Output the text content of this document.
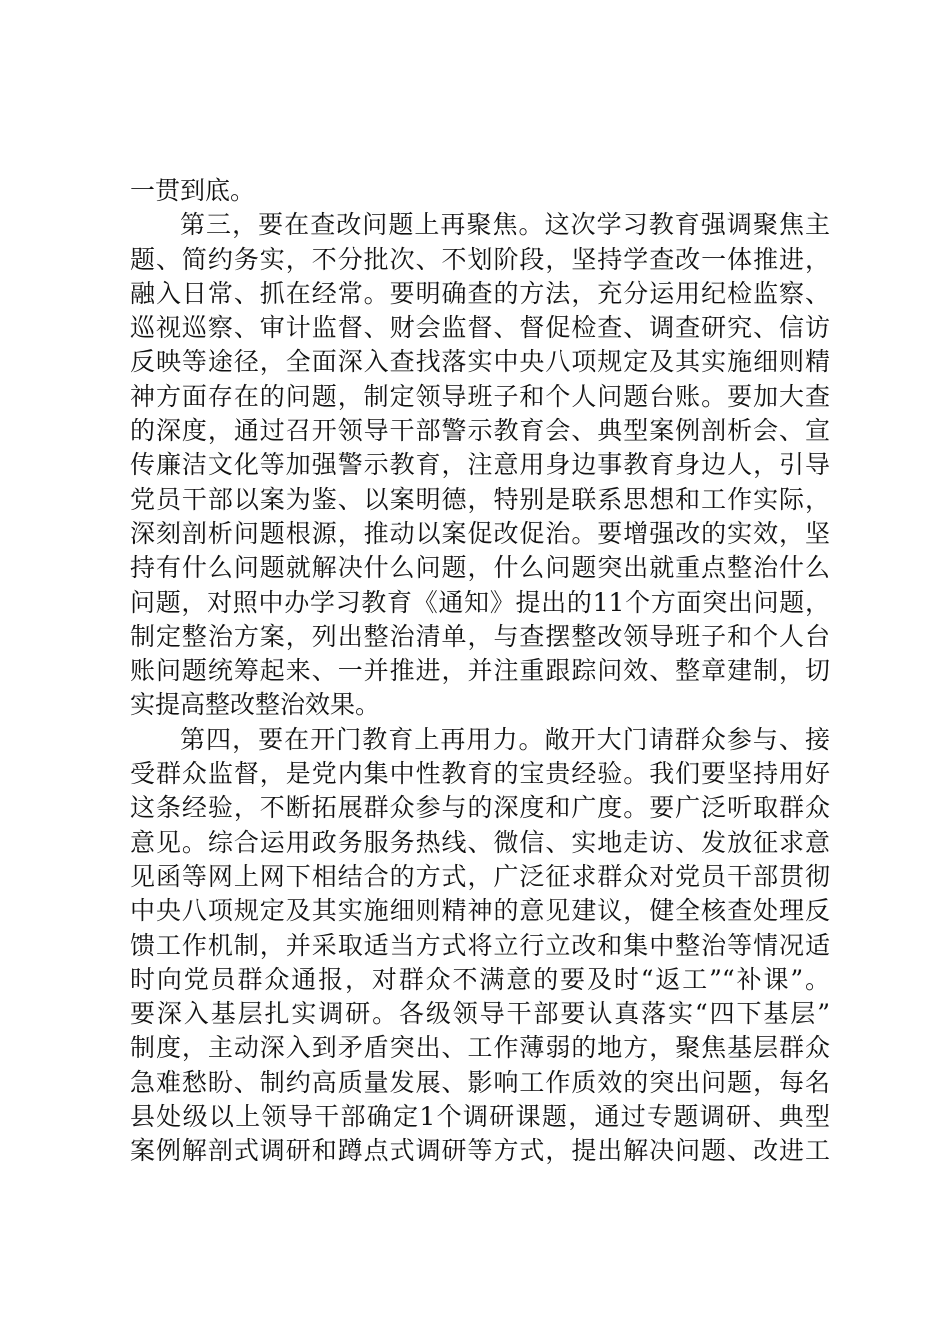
一贯到底。
第三，要在查改问题上再聚焦。这次学习教育强调聚焦主
题、简约务实，不分批次、不划阶段，坚持学查改一体推进，
融入日常、抓在经常。要明确查的方法，充分运用纪检监察、
巡视巡察、审计监督、财会监督、督促检查、调查研究、信访
反映等途径，全面深入查找落实中央八项规定及其实施细则精
神方面存在的问题，制定领导班子和个人问题台账。要加大查
的深度，通过召开领导干部警示教育会、典型案例剖析会、宣
传廉洁文化等加强警示教育，注意用身边事教育身边人，引导
党员干部以案为鉴、以案明德，特别是联系思想和工作实际，
深刻剖析问题根源，推动以案促改促治。要增强改的实效，坚
持有什么问题就解决什么问题，什么问题突出就重点整治什么
问题，对照中办学习教育《通知》提出的11个方面突出问题，
制定整治方案，列出整治清单，与查摆整改领导班子和个人台
账问题统筹起来、一并推进，并注重跟踪问效、整章建制，切
实提高整改整治效果。
第四，要在开门教育上再用力。敞开大门请群众参与、接
受群众监督，是党内集中性教育的宝贵经验。我们要坚持用好
这条经验，不断拓展群众参与的深度和广度。要广泛听取群众
意见。综合运用政务服务热线、微信、实地走访、发放征求意
见函等网上网下相结合的方式，广泛征求群众对党员干部贯彻
中央八项规定及其实施细则精神的意见建议，健全核查处理反
馈工作机制，并采取适当方式将立行立改和集中整治等情况适
时向党员群众通报，对群众不满意的要及时“返工”“补课”。
要深入基层扎实调研。各级领导干部要认真落实“四下基层”
制度，主动深入到矛盾突出、工作薄弱的地方，聚焦基层群众
急难愁盼、制约高质量发展、影响工作质效的突出问题，每名
县处级以上领导干部确定1个调研课题，通过专题调研、典型
案例解剖式调研和蹲点式调研等方式，提出解决问题、改进工
